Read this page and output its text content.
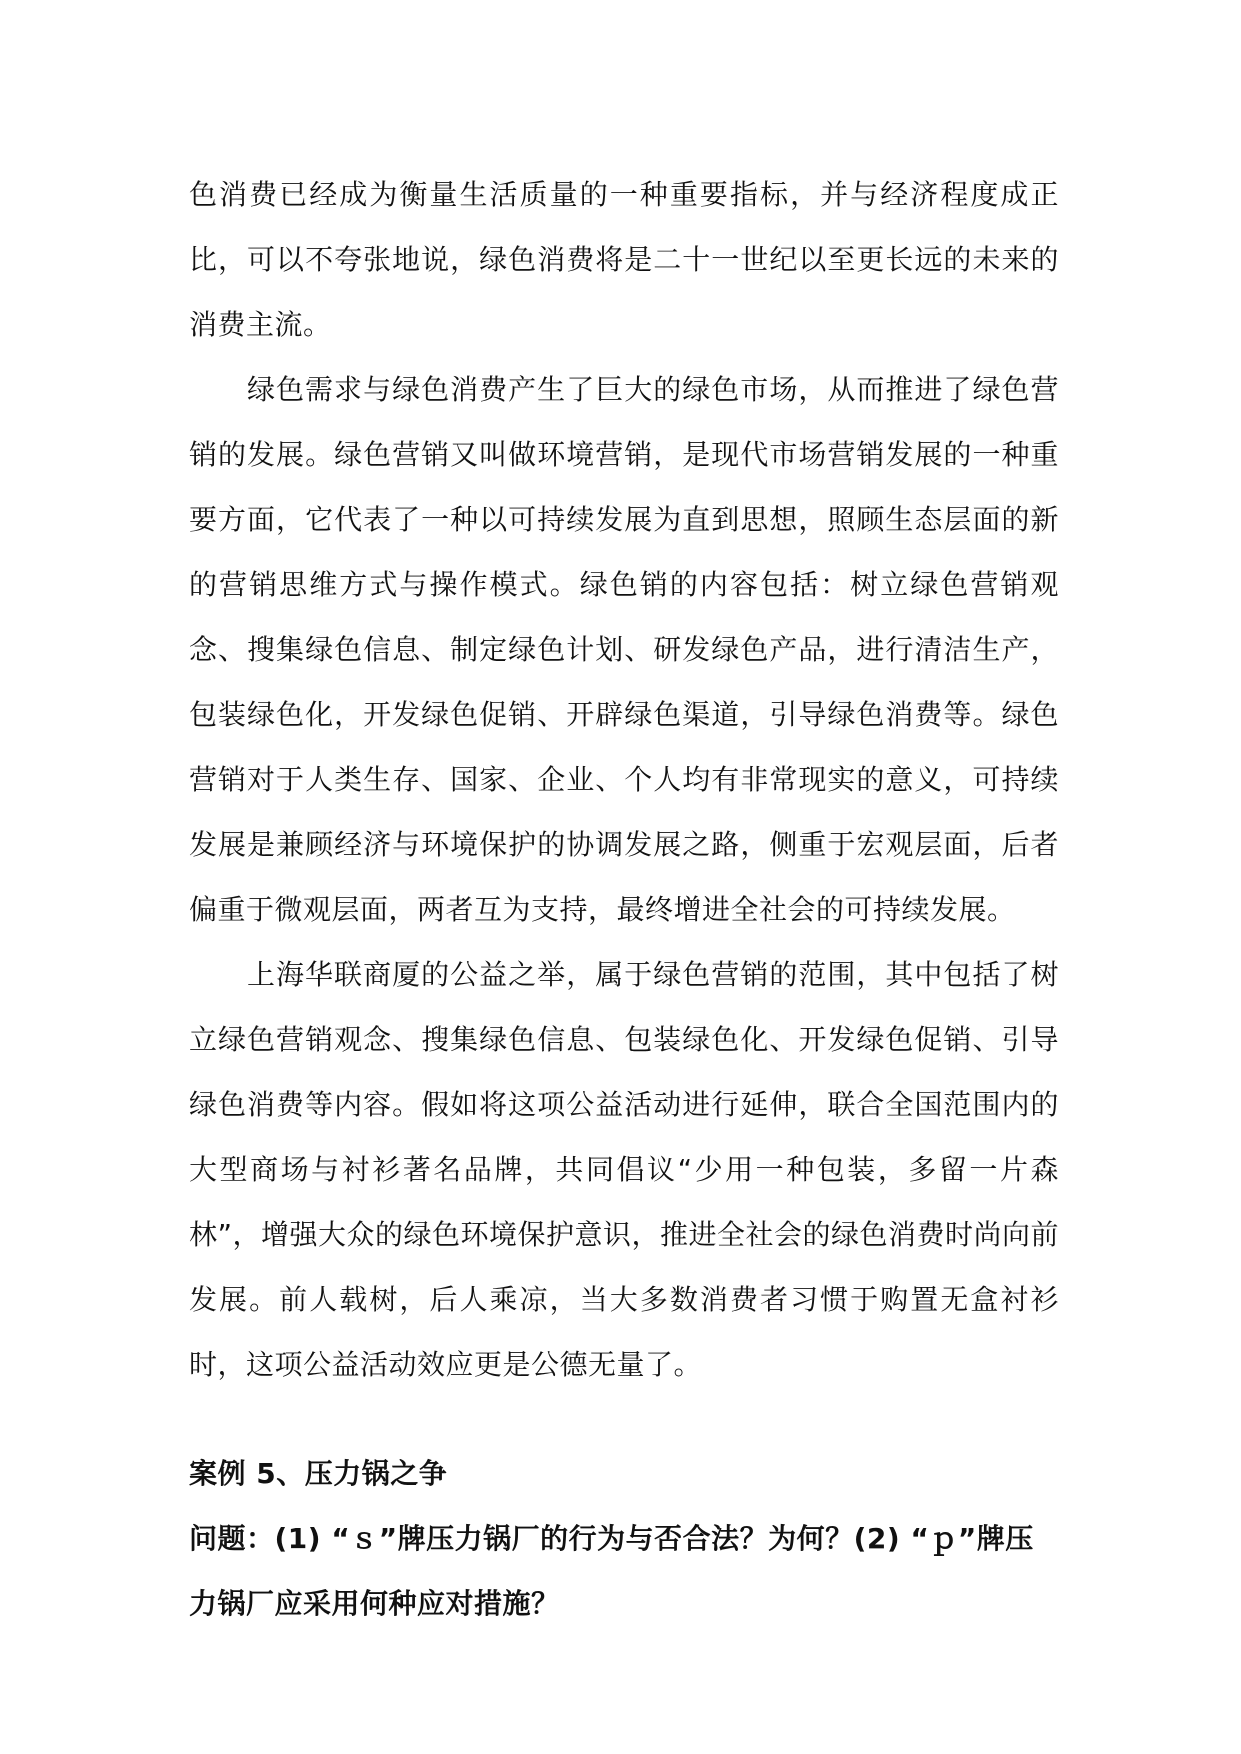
色消费已经成为衡量生活质量的一种重要指标，并与经济程度成正比，可以不夸张地说，绿色消费将是二十一世纪以至更长远的未来的消费主流。

绿色需求与绿色消费产生了巨大的绿色市场，从而推进了绿色营销的发展。绿色营销又叫做环境营销，是现代市场营销发展的一种重要方面，它代表了一种以可持续发展为直到思想，照顾生态层面的新的营销思维方式与操作模式。绿色销的内容包括：树立绿色营销观念、搜集绿色信息、制定绿色计划、研发绿色产品，进行清洁生产，包装绿色化，开发绿色促销、开辟绿色渠道，引导绿色消费等。绿色营销对于人类生存、国家、企业、个人均有非常现实的意义，可持续发展是兼顾经济与环境保护的协调发展之路，侧重于宏观层面，后者偏重于微观层面，两者互为支持，最终增进全社会的可持续发展。

上海华联商厦的公益之举，属于绿色营销的范围，其中包括了树立绿色营销观念、搜集绿色信息、包装绿色化、开发绿色促销、引导绿色消费等内容。假如将这项公益活动进行延伸，联合全国范围内的大型商场与衬衫著名品牌，共同倡议“少用一种包装，多留一片森林”，增强大众的绿色环境保护意识，推进全社会的绿色消费时尚向前发展。前人载树，后人乘凉，当大多数消费者习惯于购置无盒衬衫时，这项公益活动效应更是公德无量了。

案例 5、压力锅之争

问题：(1) “ｓ”牌压力锅厂的行为与否合法？为何？(2) “ｐ”牌压力锅厂应采用何种应对措施？
